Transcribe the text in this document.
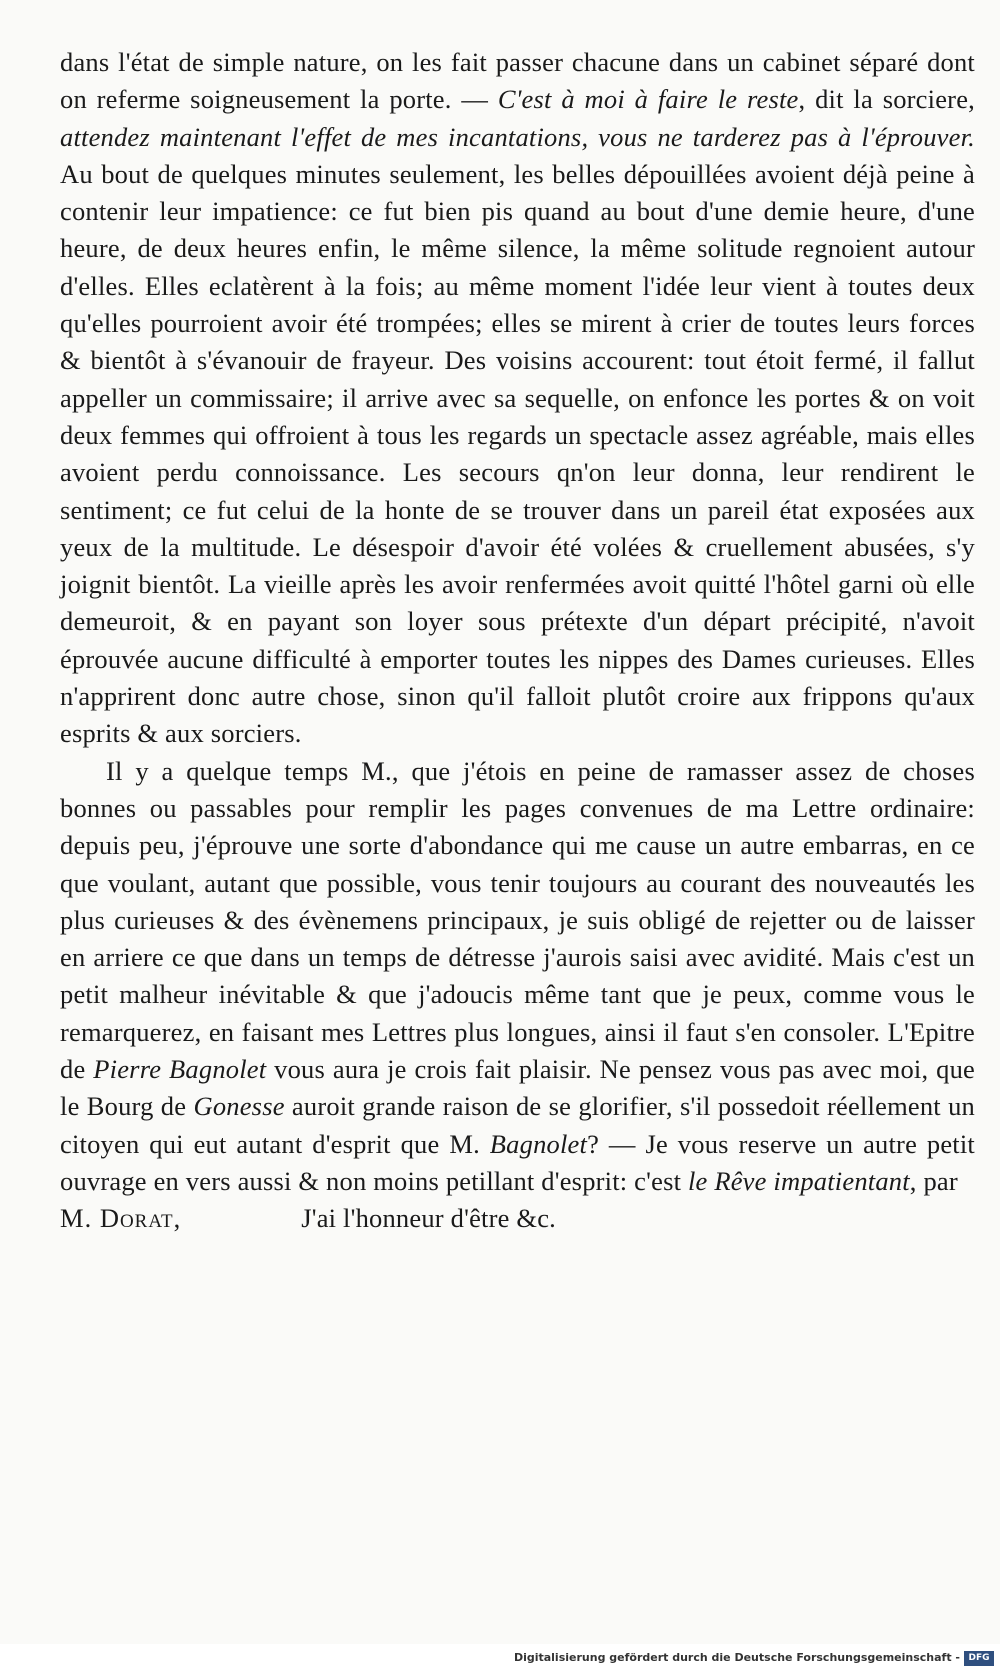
dans l'état de simple nature, on les fait passer chacune dans un cabinet séparé dont on referme soigneusement la porte. — C'est à moi à faire le reste, dit la sorciere, attendez maintenant l'effet de mes incantations, vous ne tarderez pas à l'éprouver. Au bout de quelques minutes seulement, les belles dépouillées avoient déjà peine à contenir leur impatience: ce fut bien pis quand au bout d'une demie heure, d'une heure, de deux heures enfin, le même silence, la même solitude regnoient autour d'elles. Elles eclatèrent à la fois; au même moment l'idée leur vient à toutes deux qu'elles pourroient avoir été trompées; elles se mirent à crier de toutes leurs forces & bientôt à s'évanouir de frayeur. Des voisins accourent: tout étoit fermé, il fallut appeller un commissaire; il arrive avec sa sequelle, on enfonce les portes & on voit deux femmes qui offroient à tous les regards un spectacle assez agréable, mais elles avoient perdu connoissance. Les secours qn'on leur donna, leur rendirent le sentiment; ce fut celui de la honte de se trouver dans un pareil état exposées aux yeux de la multitude. Le désespoir d'avoir été volées & cruellement abusées, s'y joignit bientôt. La vieille après les avoir renfermées avoit quitté l'hôtel garni où elle demeuroit, & en payant son loyer sous prétexte d'un départ précipité, n'avoit éprouvée aucune difficulté à emporter toutes les nippes des Dames curieuses. Elles n'apprirent donc autre chose, sinon qu'il falloit plutôt croire aux frippons qu'aux esprits & aux sorciers.

Il y a quelque temps M., que j'étois en peine de ramasser assez de choses bonnes ou passables pour remplir les pages convenues de ma Lettre ordinaire: depuis peu, j'éprouve une sorte d'abondance qui me cause un autre embarras, en ce que voulant, autant que possible, vous tenir toujours au courant des nouveautés les plus curieuses & des évènemens principaux, je suis obligé de rejetter ou de laisser en arriere ce que dans un temps de détresse j'aurois saisi avec avidité. Mais c'est un petit malheur inévitable & que j'adoucis même tant que je peux, comme vous le remarquerez, en faisant mes Lettres plus longues, ainsi il faut s'en consoler. L'Epitre de Pierre Bagnolet vous aura je crois fait plaisir. Ne pensez vous pas avec moi, que le Bourg de Gonesse auroit grande raison de se glorifier, s'il possedoit réellement un citoyen qui eut autant d'esprit que M. Bagnolet? — Je vous reserve un autre petit ouvrage en vers aussi & non moins petillant d'esprit: c'est le Rêve impatientant, par

M. Dorat,	J'ai l'honneur d'être &c.

Digitalisierung gefördert durch die Deutsche Forschungsgemeinschaft - DFG
